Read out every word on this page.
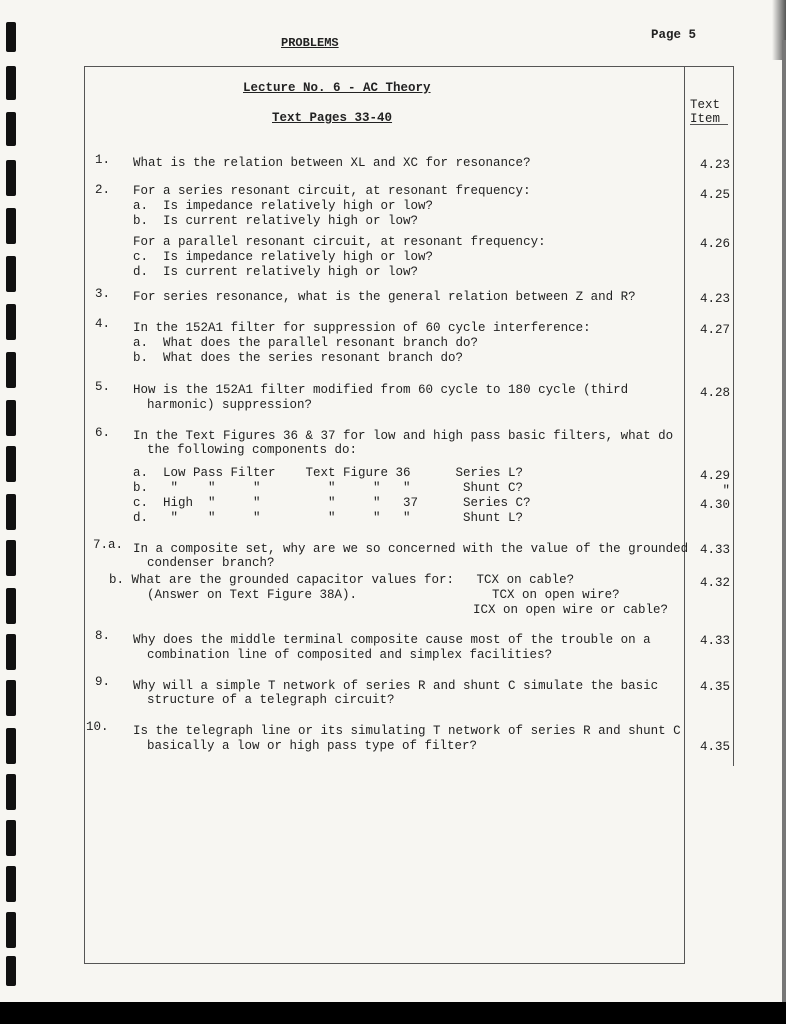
PROBLEMS
Page 5
Lecture No. 6 - AC Theory
Text Pages 33-40
Text
Item
1. What is the relation between XL and XC for resonance?	4.23
2. For a series resonant circuit, at resonant frequency:
a.  Is impedance relatively high or low?
b.  Is current relatively high or low?
4.25
For a parallel resonant circuit, at resonant frequency:
c.  Is impedance relatively high or low?
d.  Is current relatively high or low?
4.26
3. For series resonance, what is the general relation between Z and R?	4.23
4. In the 152A1 filter for suppression of 60 cycle interference:
a.  What does the parallel resonant branch do?
b.  What does the series resonant branch do?
4.27
5. How is the 152A1 filter modified from 60 cycle to 180 cycle (third
harmonic) suppression?
4.28
6. In the Text Figures 36 & 37 for low and high pass basic filters, what do
the following components do:
a.  Low Pass Filter    Text Figure 36      Series L?
b.   "    "     "         "     "   "       Shunt C?
c.  High  "     "         "     "   37      Series C?
d.   "    "     "         "     "   "       Shunt L?
4.29
"
4.30
7.a. In a composite set, why are we so concerned with the value of the grounded
condenser branch?
4.33
b. What are the grounded capacitor values for:   TCX on cable?
(Answer on Text Figure 38A).                  TCX on open wire?
ICX on open wire or cable?
4.32
8. Why does the middle terminal composite cause most of the trouble on a
combination line of composited and simplex facilities?
4.33
9. Why will a simple T network of series R and shunt C simulate the basic
structure of a telegraph circuit?
4.35
10. Is the telegraph line or its simulating T network of series R and shunt C
basically a low or high pass type of filter?	4.35
